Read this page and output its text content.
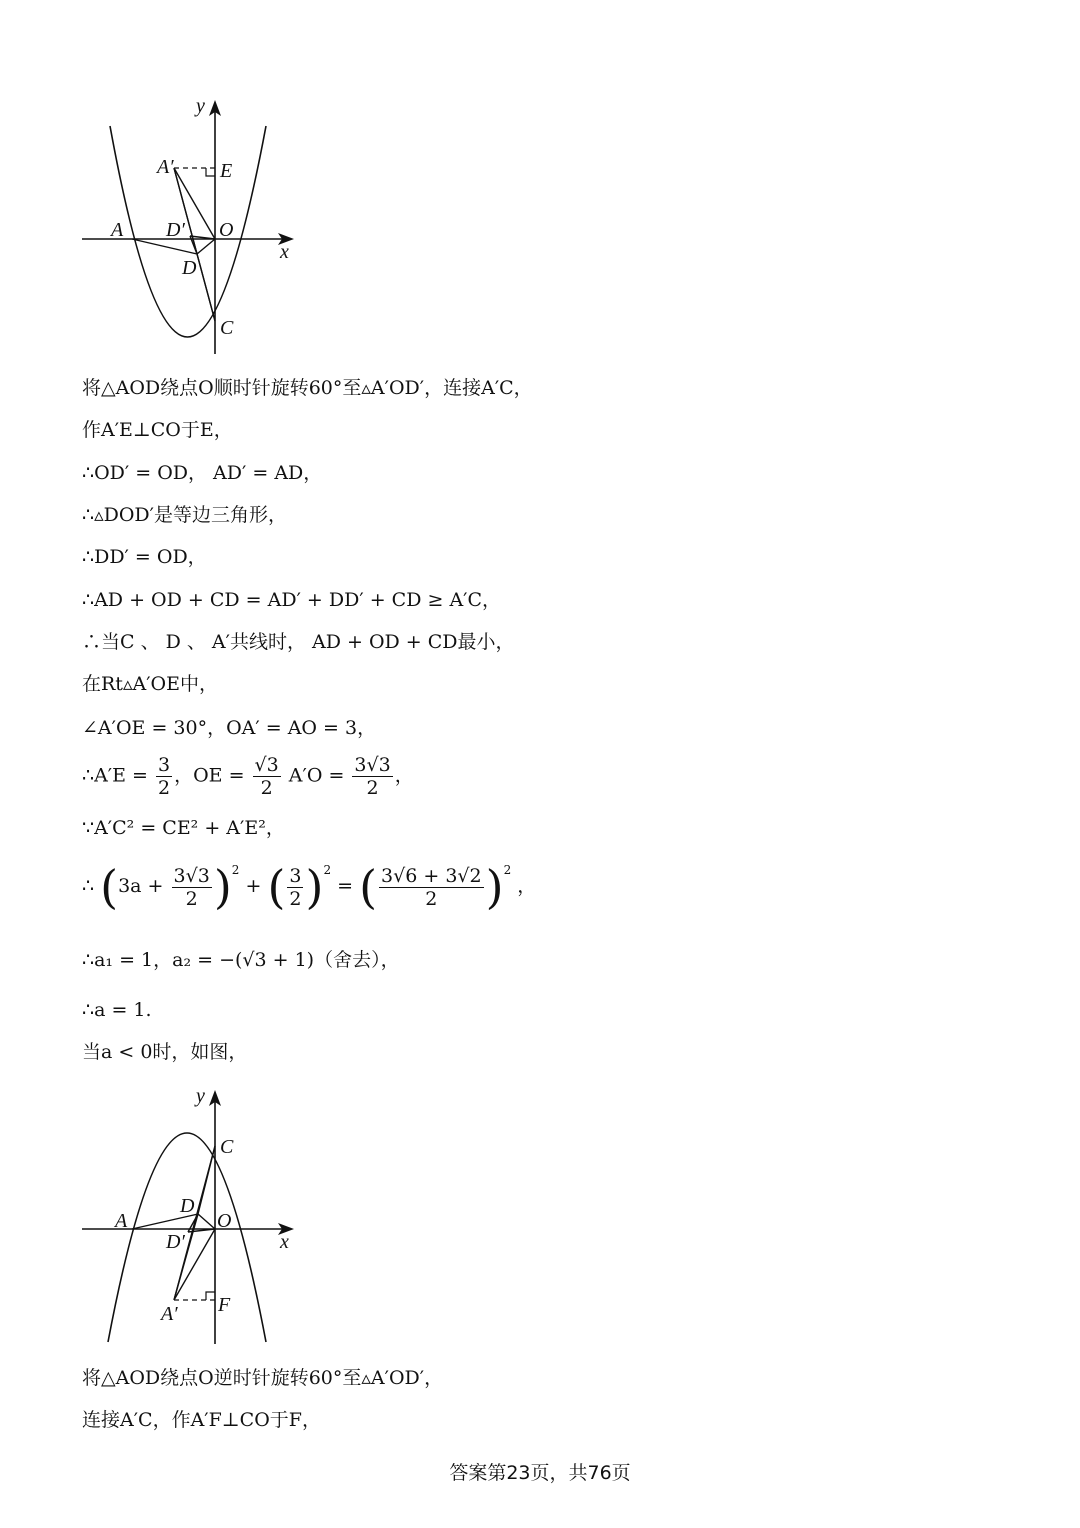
y
x
A′ E
A D′ O
D
C
将△AOD绕点O顺时针旋转60°至▵A′OD′，连接A′C，
作A′E⊥CO于E，
∴OD′ = OD， AD′ = AD，
∴▵DOD′是等边三角形，
∴DD′ = OD，
∴AD + OD + CD = AD′ + DD′ + CD ≥ A′C，
∴当C 、 D 、 A′共线时， AD + OD + CD最小，
在Rt▵A′OE中，
∠A′OE = 30°，OA′ = AO = 3，
∴A′E = $\frac{3}{2}$ ，OE = $\frac{√3}{2} A'O = \frac{3√3}{2}$ ，
∵A′C² = CE² + A′E²，
∴ $(3a + \frac{3√3}{2} )^2$ + ( $\frac{3}{2} )^2$ = ( $\frac{3√6 + 3√2}{2} )^2$ ，
∴a₁ = 1，a₂ = −(√3 + 1)（舍去），
∴a = 1.
当a < 0时，如图，
y
x
C
D
A	O
D′
A′ F
将△AOD绕点O逆时针旋转60°至▵A′OD′，
连接A′C，作A′F⊥CO于F，
答案第23页，共76页
